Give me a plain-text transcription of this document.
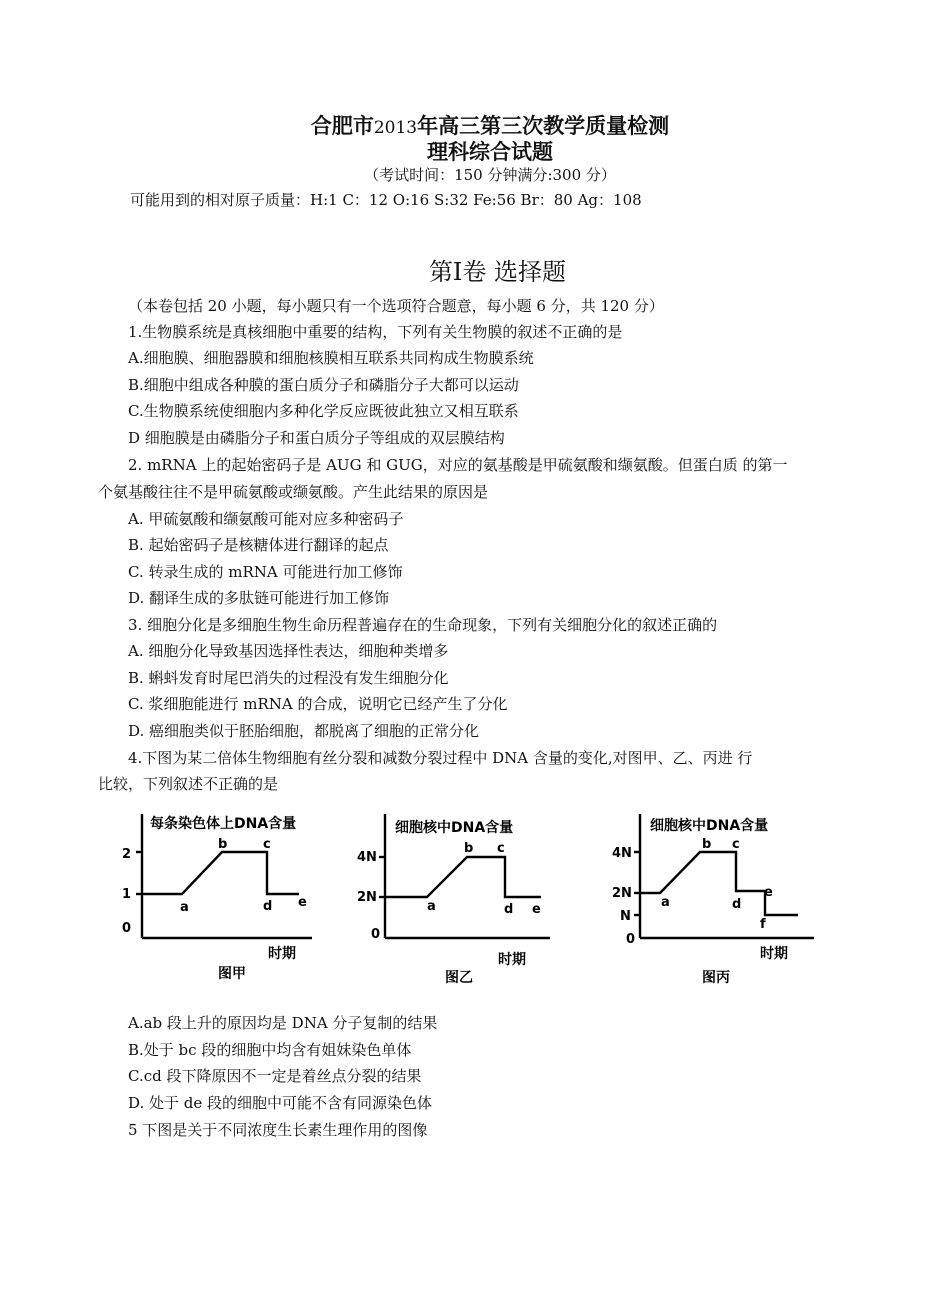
合肥市2013年高三第三次教学质量检测
理科综合试题
（考试时间：150 分钟满分:300 分）
可能用到的相对原子质量：H:1 C：12 O:16 S:32 Fe:56 Br：80 Ag：108
第Ⅰ卷 选择题
（本卷包括 20 小题，每小题只有一个选项符合题意，每小题 6 分，共 120 分）
1.生物膜系统是真核细胞中重要的结构，下列有关生物膜的叙述不正确的是
A.细胞膜、细胞器膜和细胞核膜相互联系共同构成生物膜系统
B.细胞中组成各种膜的蛋白质分子和磷脂分子大都可以运动
C.生物膜系统使细胞内多种化学反应既彼此独立又相互联系
D 细胞膜是由磷脂分子和蛋白质分子等组成的双层膜结构
2. mRNA 上的起始密码子是 AUG 和 GUG，对应的氨基酸是甲硫氨酸和缬氨酸。但蛋白质 的第一
个氨基酸往往不是甲硫氨酸或缬氨酸。产生此结果的原因是
A. 甲硫氨酸和缬氨酸可能对应多种密码子
B. 起始密码子是核糖体进行翻译的起点
C. 转录生成的 mRNA 可能进行加工修饰
D. 翻译生成的多肽链可能进行加工修饰
3. 细胞分化是多细胞生物生命历程普遍存在的生命现象，下列有关细胞分化的叙述正确的
A. 细胞分化导致基因选择性表达，细胞种类增多
B. 蝌蚪发育时尾巴消失的过程没有发生细胞分化
C. 浆细胞能进行 mRNA 的合成，说明它已经产生了分化
D. 癌细胞类似于胚胎细胞，都脱离了细胞的正常分化
4.下图为某二倍体生物细胞有丝分裂和减数分裂过程中 DNA 含量的变化,对图甲、乙、丙进 行
比较，下列叙述不正确的是
每条染色体上DNA含量
2
1
0
a
b	c
d e
时期
图甲
细胞核中DNA含量
4N
2N
0
a
b c
d e
时期
图乙
细胞核中DNA含量
4N
2N
N
0
a
b c
d
e
f
时期
图丙
A.ab 段上升的原因均是 DNA 分子复制的结果
B.处于 bc 段的细胞中均含有姐妹染色单体
C.cd 段下降原因不一定是着丝点分裂的结果
D. 处于 de 段的细胞中可能不含有同源染色体
5 下图是关于不同浓度生长素生理作用的图像
